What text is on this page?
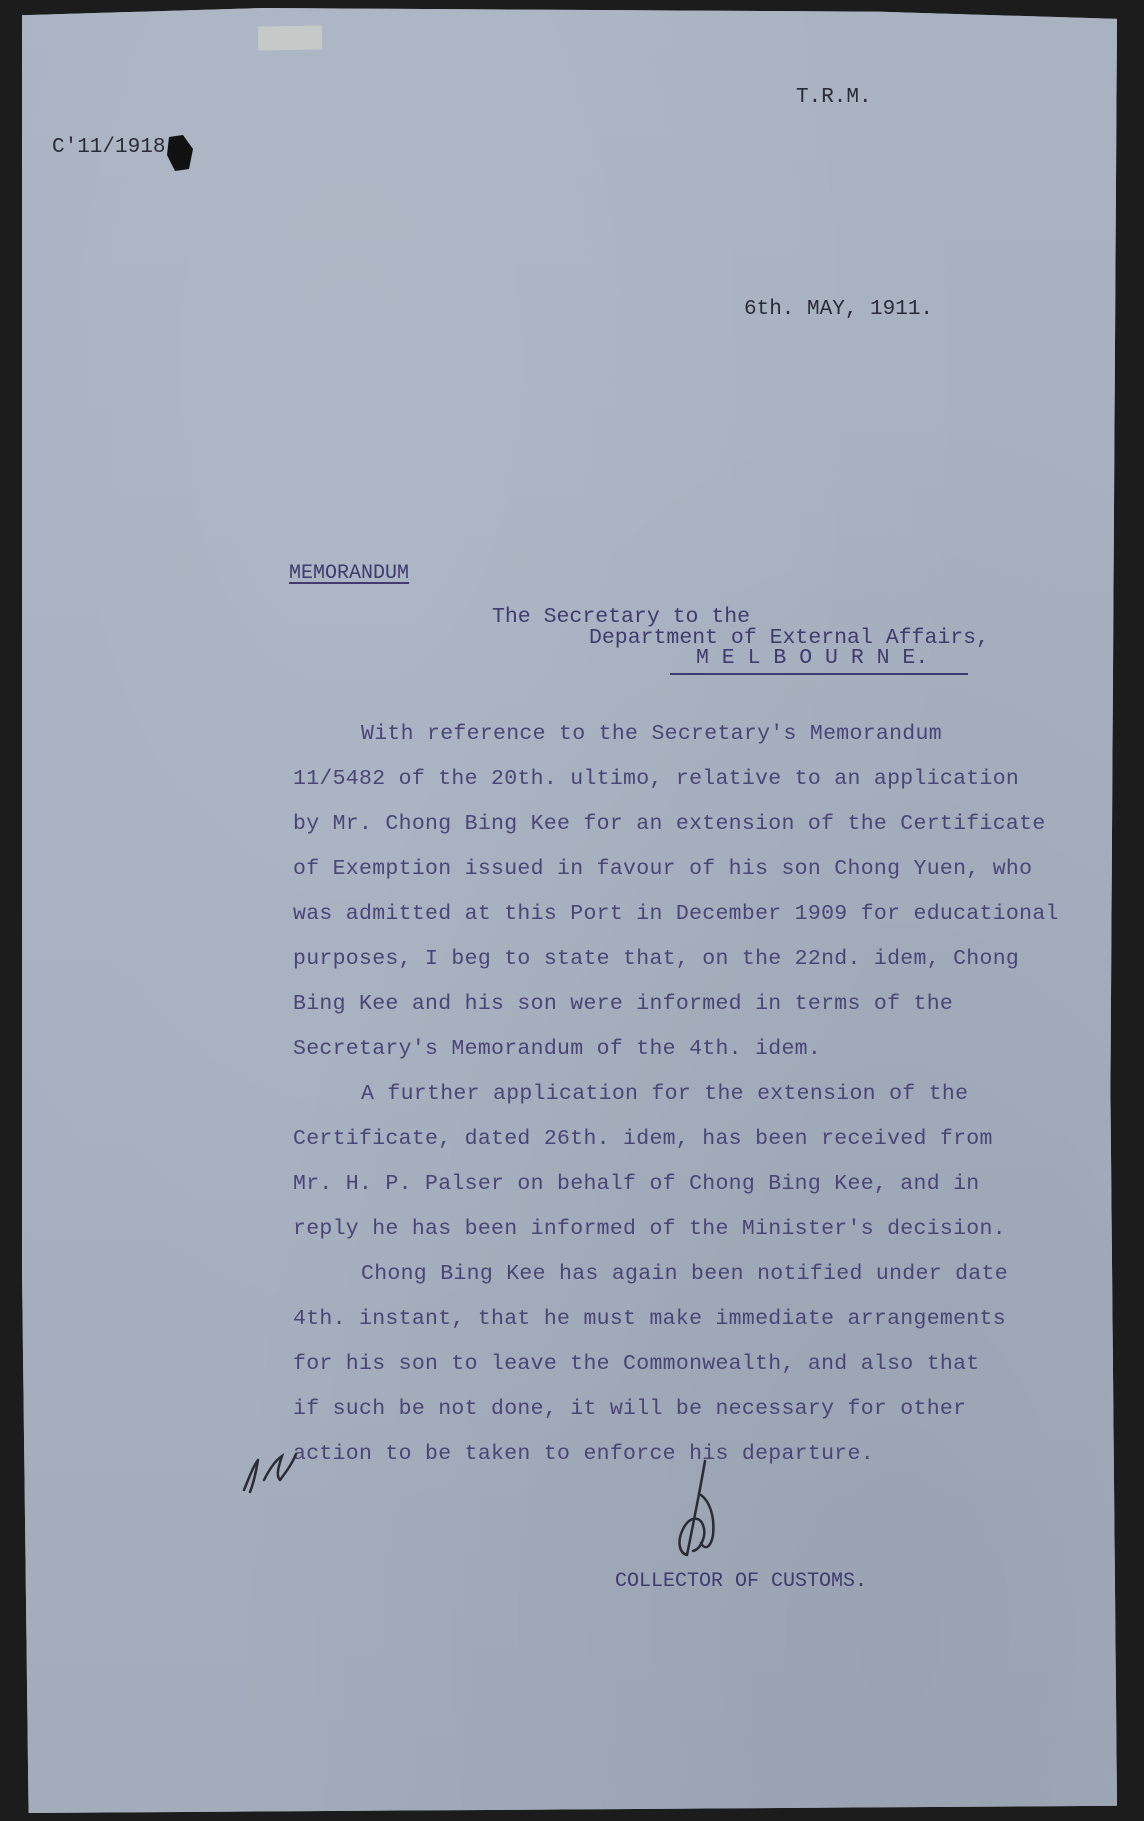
C'11/1918
T.R.M.
6th. MAY, 1911.
MEMORANDUM
The Secretary to the
Department of External Affairs,
M E L B O U R N E.
With reference to the Secretary's Memorandum
11/5482 of the 20th. ultimo, relative to an application
by Mr. Chong Bing Kee for an extension of the Certificate
of Exemption issued in favour of his son Chong Yuen, who
was admitted at this Port in December 1909 for educational
purposes, I beg to state that, on the 22nd. idem, Chong
Bing Kee and his son were informed in terms of the
Secretary's Memorandum of the 4th. idem.
A further application for the extension of the
Certificate, dated 26th. idem, has been received from
Mr. H. P. Palser on behalf of Chong Bing Kee, and in
reply he has been informed of the Minister's decision.
Chong Bing Kee has again been notified under date
4th. instant, that he must make immediate arrangements
for his son to leave the Commonwealth, and also that
if such be not done, it will be necessary for other
action to be taken to enforce his departure.
COLLECTOR OF CUSTOMS.
